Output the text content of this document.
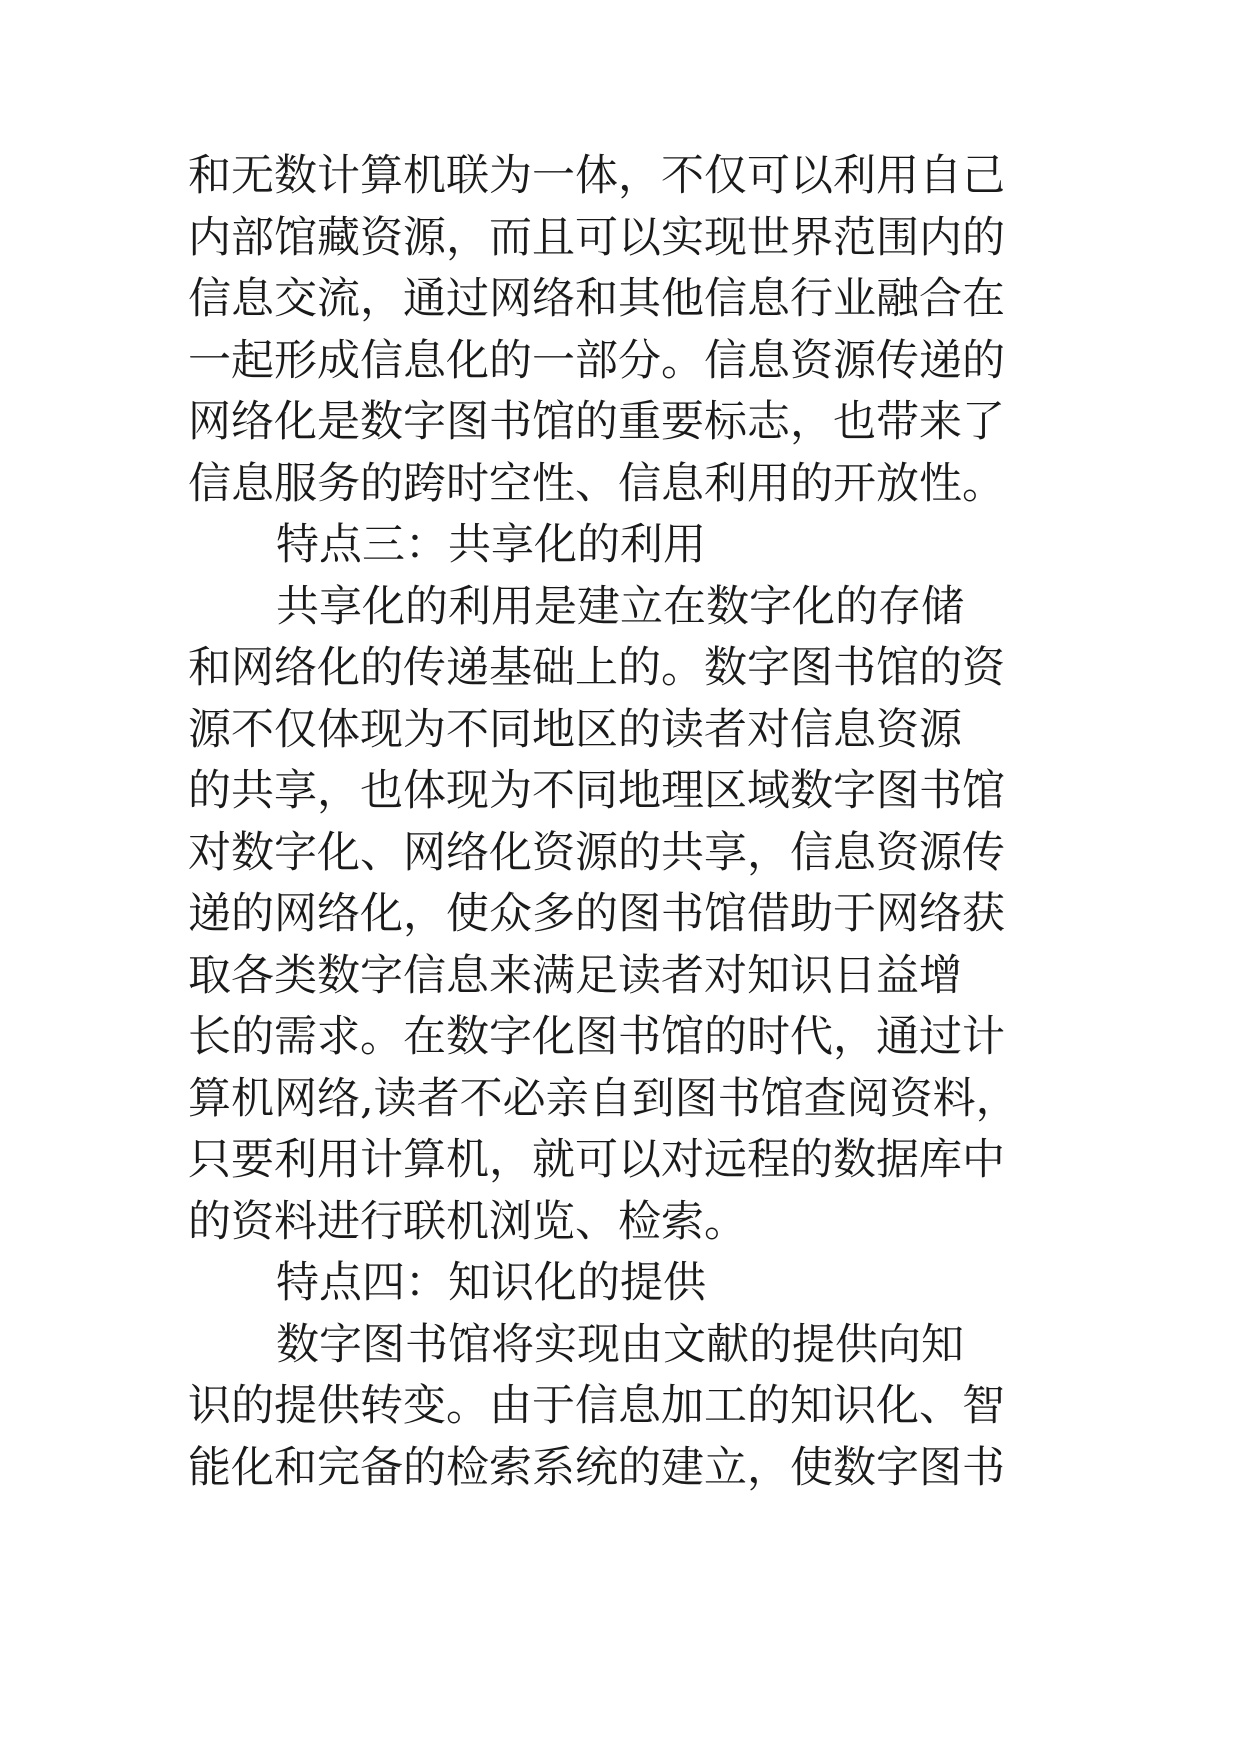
和无数计算机联为一体，不仅可以利用自己
内部馆藏资源，而且可以实现世界范围内的
信息交流，通过网络和其他信息行业融合在
一起形成信息化的一部分。信息资源传递的
网络化是数字图书馆的重要标志，也带来了
信息服务的跨时空性、信息利用的开放性。
特点三：共享化的利用
共享化的利用是建立在数字化的存储
和网络化的传递基础上的。数字图书馆的资
源不仅体现为不同地区的读者对信息资源
的共享，也体现为不同地理区域数字图书馆
对数字化、网络化资源的共享，信息资源传
递的网络化，使众多的图书馆借助于网络获
取各类数字信息来满足读者对知识日益增
长的需求。在数字化图书馆的时代，通过计
算机网络,读者不必亲自到图书馆查阅资料，
只要利用计算机，就可以对远程的数据库中
的资料进行联机浏览、检索。
特点四：知识化的提供
数字图书馆将实现由文献的提供向知
识的提供转变。由于信息加工的知识化、智
能化和完备的检索系统的建立，使数字图书
